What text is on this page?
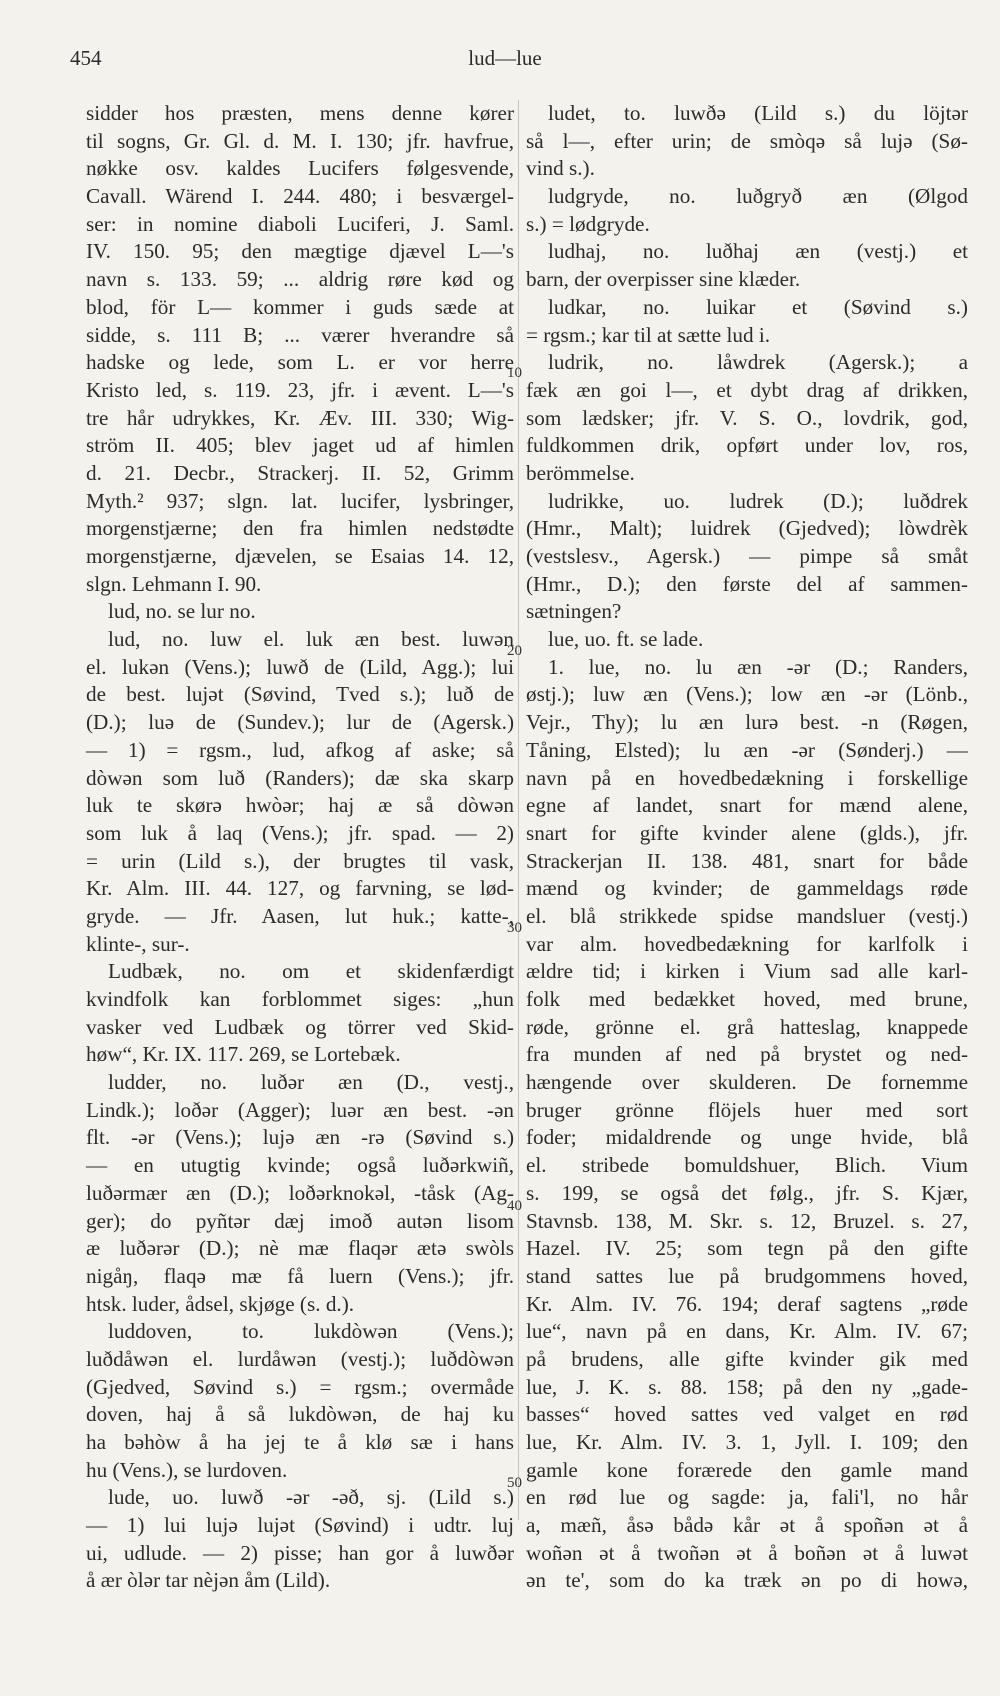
454	lud—lue
10
20
30
40
50
sidder hos præsten, mens denne kører
til sogns, Gr. Gl. d. M. I. 130; jfr. havfrue,
nøkke osv. kaldes Lucifers følgesvende,
Cavall. Wärend I. 244. 480; i besværgel-
ser: in nomine diaboli Luciferi, J. Saml.
IV. 150. 95; den mægtige djævel L—'s
navn s. 133. 59; ... aldrig røre kød og
blod, för L— kommer i guds sæde at
sidde, s. 111 B; ... værer hverandre så
hadske og lede, som L. er vor herre
Kristo led, s. 119. 23, jfr. i ævent. L—'s
tre hår udrykkes, Kr. Æv. III. 330; Wig-
ström II. 405; blev jaget ud af himlen
d. 21. Decbr., Strackerj. II. 52, Grimm
Myth.² 937; slgn. lat. lucifer, lysbringer,
morgenstjærne; den fra himlen nedstødte
morgenstjærne, djævelen, se Esaias 14. 12,
slgn. Lehmann I. 90.
lud, no. se lur no.
lud, no. luw el. luk æn best. luwən
el. lukən (Vens.); luwð de (Lild, Agg.); lui
de best. lujət (Søvind, Tved s.); luð de
(D.); luə de (Sundev.); lur de (Agersk.)
— 1) = rgsm., lud, afkog af aske; så
dòwən som luð (Randers); dæ ska skarp
luk te skørə hwòər; haj æ så dòwən
som luk å laq (Vens.); jfr. spad. — 2)
= urin (Lild s.), der brugtes til vask,
Kr. Alm. III. 44. 127, og farvning, se lød-
gryde. — Jfr. Aasen, lut huk.; katte-,
klinte-, sur-.
Ludbæk, no. om et skidenfærdigt
kvindfolk kan forblommet siges: „hun
vasker ved Ludbæk og törrer ved Skid-
høw“, Kr. IX. 117. 269, se Lortebæk.
ludder, no. luðər æn (D., vestj.,
Lindk.); loðər (Agger); luər æn best. -ən
flt. -ər (Vens.); lujə æn -rə (Søvind s.)
— en utugtig kvinde; også luðərkwiñ,
luðərmær æn (D.); loðərknokəl, -tåsk (Ag-
ger); do pyñtər dæj imoð autən lisom
æ luðərər (D.); nè mæ flaqər ætə swòls
nigåŋ, flaqə mæ få luern (Vens.); jfr.
htsk. luder, ådsel, skjøge (s. d.).
luddoven, to. lukdòwən (Vens.);
luðdåwən el. lurdåwən (vestj.); luðdòwən
(Gjedved, Søvind s.) = rgsm.; overmåde
doven, haj å så lukdòwən, de haj ku
ha bəhòw å ha jej te å klø sæ i hans
hu (Vens.), se lurdoven.
lude, uo. luwð -ər -əð, sj. (Lild s.)
— 1) lui lujə lujət (Søvind) i udtr. luj
ui, udlude. — 2) pisse; han gor å luwðər
å ær òlər tar nèjən åm (Lild).
ludet, to. luwðə (Lild s.) du löjtər
så l—, efter urin; de smòqə så lujə (Sø-
vind s.).
ludgryde, no. luðgryð æn (Ølgod
s.) = lødgryde.
ludhaj, no. luðhaj æn (vestj.) et
barn, der overpisser sine klæder.
ludkar, no. luikar et (Søvind s.)
= rgsm.; kar til at sætte lud i.
ludrik, no. låwdrek (Agersk.); a
fæk æn goi l—, et dybt drag af drikken,
som lædsker; jfr. V. S. O., lovdrik, god,
fuldkommen drik, opført under lov, ros,
berömmelse.
ludrikke, uo. ludrek (D.); luðdrek
(Hmr., Malt); luidrek (Gjedved); lòwdrèk
(vestslesv., Agersk.) — pimpe så småt
(Hmr., D.); den første del af sammen-
sætningen?
lue, uo. ft. se lade.
1. lue, no. lu æn -ər (D.; Randers,
østj.); luw æn (Vens.); low æn -ər (Lönb.,
Vejr., Thy); lu æn lurə best. -n (Røgen,
Tåning, Elsted); lu æn -ər (Sønderj.) —
navn på en hovedbedækning i forskellige
egne af landet, snart for mænd alene,
snart for gifte kvinder alene (glds.), jfr.
Strackerjan II. 138. 481, snart for både
mænd og kvinder; de gammeldags røde
el. blå strikkede spidse mandsluer (vestj.)
var alm. hovedbedækning for karlfolk i
ældre tid; i kirken i Vium sad alle karl-
folk med bedækket hoved, med brune,
røde, grönne el. grå hatteslag, knappede
fra munden af ned på brystet og ned-
hængende over skulderen. De fornemme
bruger grönne flöjels huer med sort
foder; midaldrende og unge hvide, blå
el. stribede bomuldshuer, Blich. Vium
s. 199, se også det følg., jfr. S. Kjær,
Stavnsb. 138, M. Skr. s. 12, Bruzel. s. 27,
Hazel. IV. 25; som tegn på den gifte
stand sattes lue på brudgommens hoved,
Kr. Alm. IV. 76. 194; deraf sagtens „røde
lue“, navn på en dans, Kr. Alm. IV. 67;
på brudens, alle gifte kvinder gik med
lue, J. K. s. 88. 158; på den ny „gade-
basses“ hoved sattes ved valget en rød
lue, Kr. Alm. IV. 3. 1, Jyll. I. 109; den
gamle kone forærede den gamle mand
en rød lue og sagde: ja, fali'l, no hår
a, mæñ, åsə bådə kår ət å spoñən ət å
woñən ət å twoñən ət å boñən ət å luwət
ən te', som do ka træk ən po di howə,
